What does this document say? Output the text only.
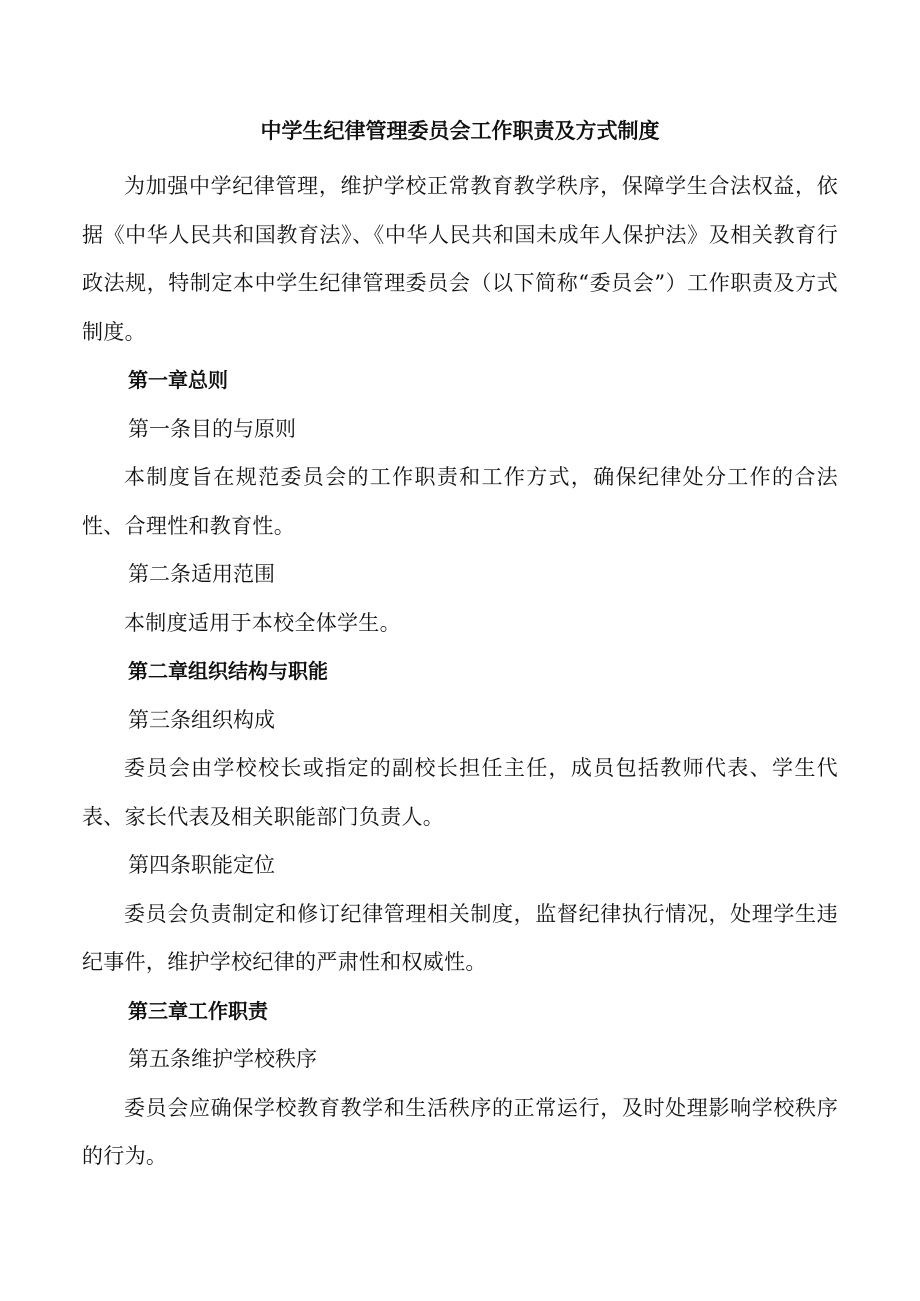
中学生纪律管理委员会工作职责及方式制度

为加强中学纪律管理，维护学校正常教育教学秩序，保障学生合法权益，依据《中华人民共和国教育法》、《中华人民共和国未成年人保护法》及相关教育行政法规，特制定本中学生纪律管理委员会（以下简称“委员会”）工作职责及方式制度。

第一章总则

第一条目的与原则

本制度旨在规范委员会的工作职责和工作方式，确保纪律处分工作的合法性、合理性和教育性。

第二条适用范围

本制度适用于本校全体学生。

第二章组织结构与职能

第三条组织构成

委员会由学校校长或指定的副校长担任主任，成员包括教师代表、学生代表、家长代表及相关职能部门负责人。

第四条职能定位

委员会负责制定和修订纪律管理相关制度，监督纪律执行情况，处理学生违纪事件，维护学校纪律的严肃性和权威性。

第三章工作职责

第五条维护学校秩序

委员会应确保学校教育教学和生活秩序的正常运行，及时处理影响学校秩序的行为。
